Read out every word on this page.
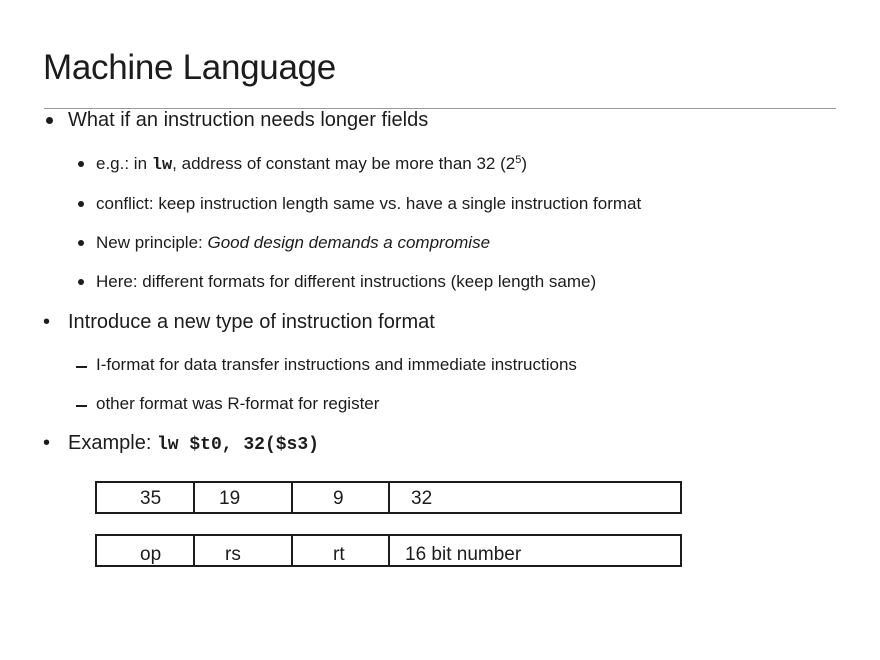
Machine Language
What if an instruction needs longer fields
e.g.: in lw, address of constant may be more than 32 $(2^5)$
conflict: keep instruction length same vs. have a single instruction format
New principle: Good design demands a compromise
Here: different formats for different instructions (keep length same)
• Introduce a new type of instruction format
I-format for data transfer instructions and immediate instructions
other format was R-format for register
• Example: lw $t0, 32($s3)
35	19	9	32
op	rs	rt	16 bit number
